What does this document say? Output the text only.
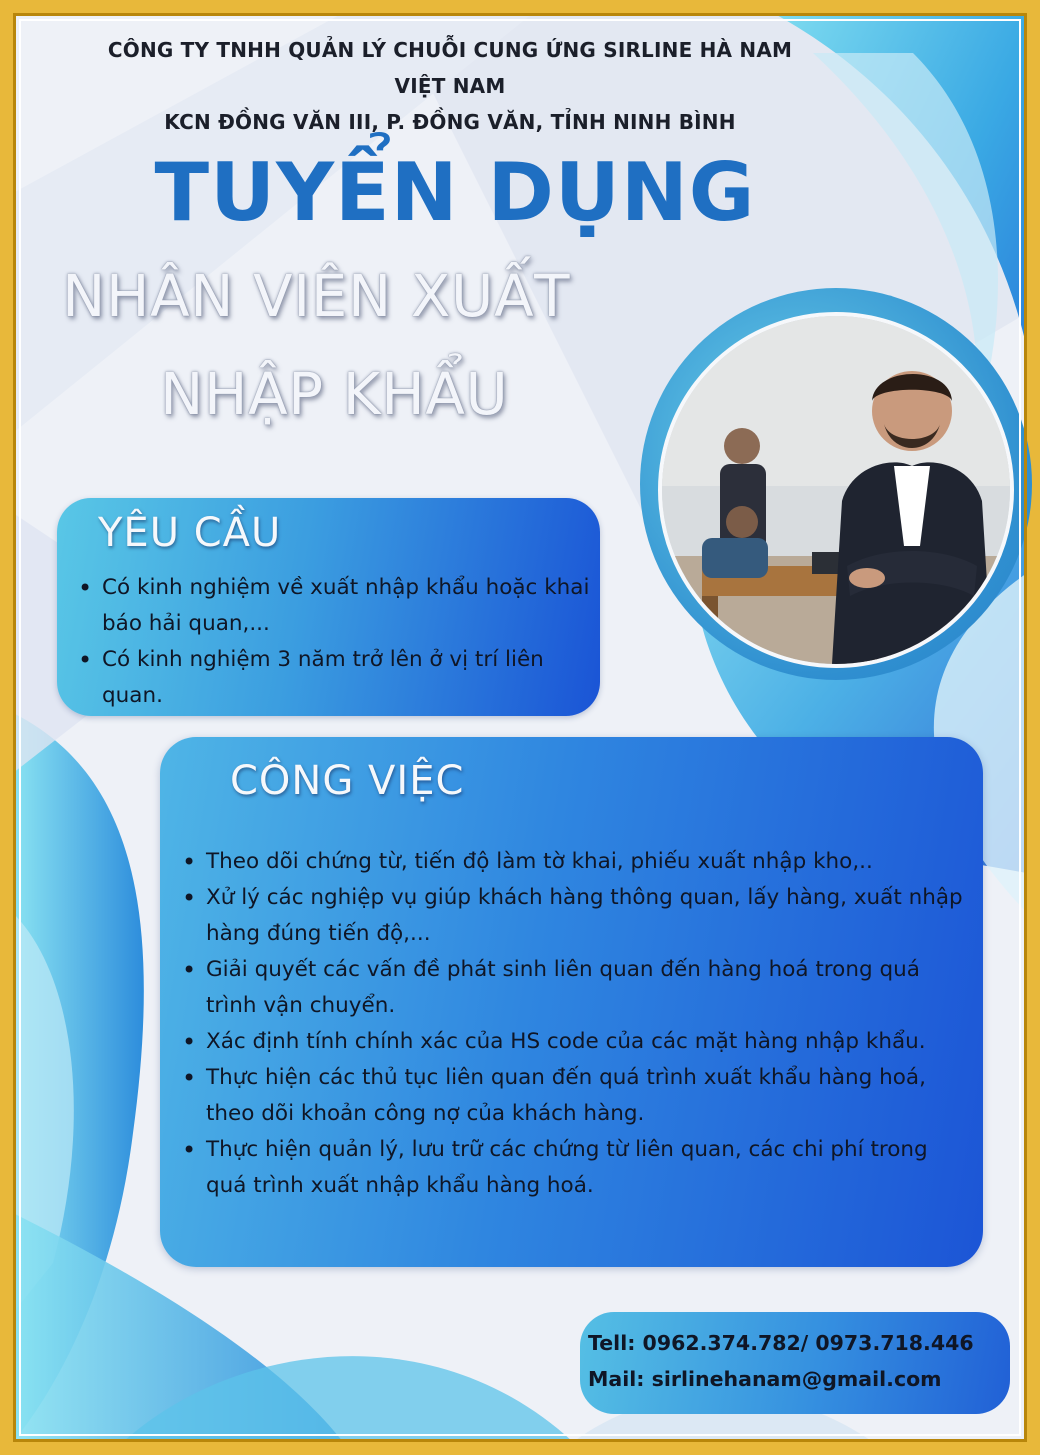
CÔNG TY TNHH QUẢN LÝ CHUỖI CUNG ỨNG SIRLINE HÀ NAM
VIỆT NAM
KCN ĐỒNG VĂN III, P. ĐỒNG VĂN, TỈNH NINH BÌNH
TUYỂN DỤNG
NHÂN VIÊN XUẤT
NHẬP KHẨU
YÊU CẦU
• Có kinh nghiệm về xuất nhập khẩu hoặc khai báo hải quan,...
• Có kinh nghiệm 3 năm trở lên ở vị trí liên quan.
CÔNG VIỆC
• Theo dõi chứng từ, tiến độ làm tờ khai, phiếu xuất nhập kho,..
• Xử lý các nghiệp vụ giúp khách hàng thông quan, lấy hàng, xuất nhập hàng đúng tiến độ,...
• Giải quyết các vấn đề phát sinh liên quan đến hàng hoá trong quá trình vận chuyển.
• Xác định tính chính xác của HS code của các mặt hàng nhập khẩu.
• Thực hiện các thủ tục liên quan đến quá trình xuất khẩu hàng hoá, theo dõi khoản công nợ của khách hàng.
• Thực hiện quản lý, lưu trữ các chứng từ liên quan, các chi phí trong quá trình xuất nhập khẩu hàng hoá.
Tell: 0962.374.782/ 0973.718.446
Mail: sirlinehanam@gmail.com
